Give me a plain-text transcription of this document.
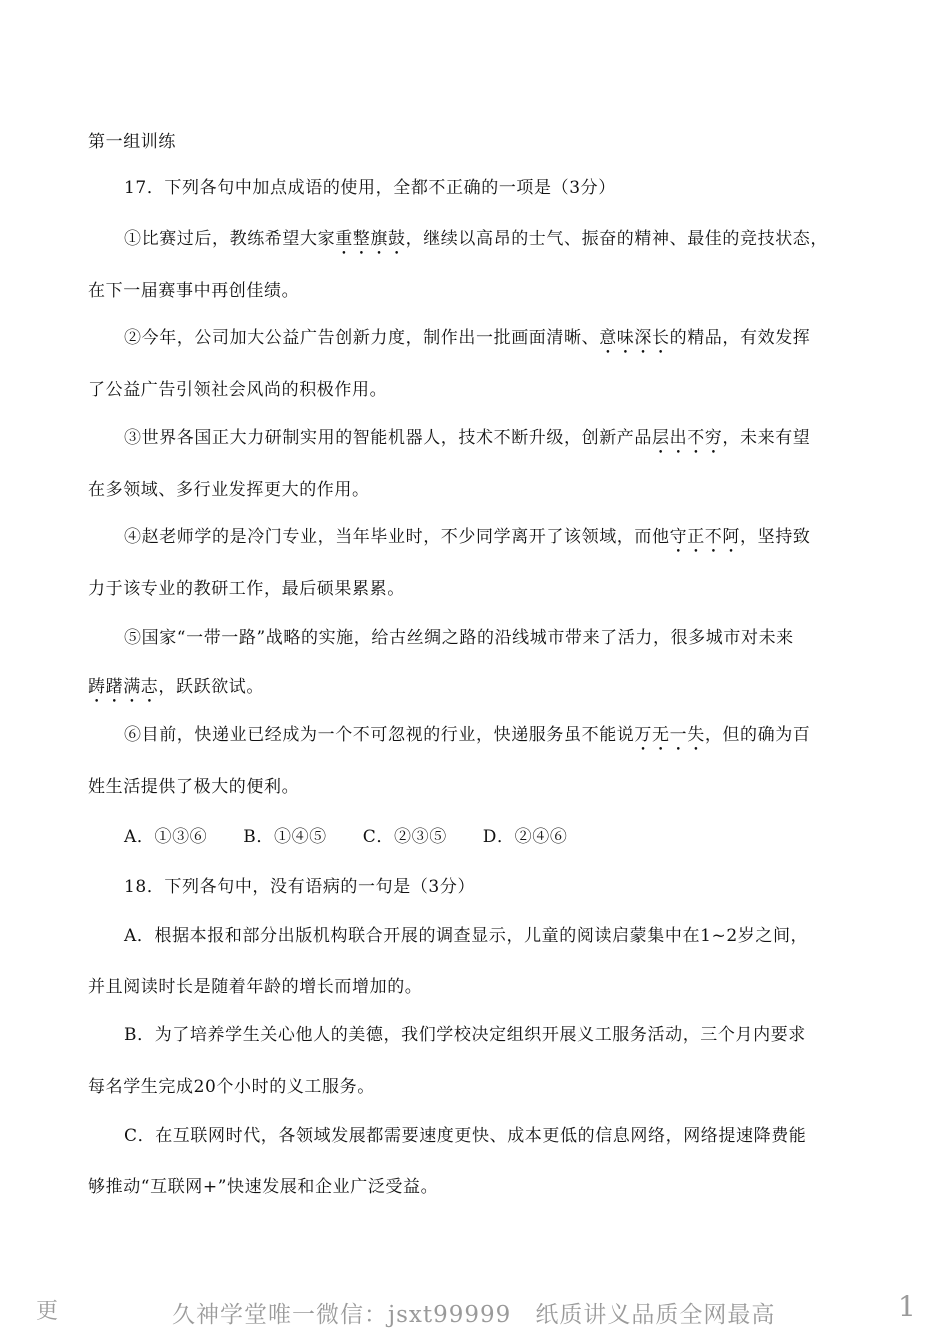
第一组训练
17．下列各句中加点成语的使用，全都不正确的一项是（3分）
①比赛过后，教练希望大家重整旗鼓，继续以高昂的士气、振奋的精神、最佳的竞技状态，
在下一届赛事中再创佳绩。
②今年，公司加大公益广告创新力度，制作出一批画面清晰、意味深长的精品，有效发挥
了公益广告引领社会风尚的积极作用。
③世界各国正大力研制实用的智能机器人，技术不断升级，创新产品层出不穷，未来有望
在多领域、多行业发挥更大的作用。
④赵老师学的是冷门专业，当年毕业时，不少同学离开了该领域，而他守正不阿，坚持致
力于该专业的教研工作，最后硕果累累。
⑤国家“一带一路”战略的实施，给古丝绸之路的沿线城市带来了活力，很多城市对未来
踌躇满志，跃跃欲试。
⑥目前，快递业已经成为一个不可忽视的行业，快递服务虽不能说万无一失，但的确为百
姓生活提供了极大的便利。
A．①③⑥ B．①④⑤ C．②③⑤ D．②④⑥
18．下列各句中，没有语病的一句是（3分）
A．根据本报和部分出版机构联合开展的调查显示，儿童的阅读启蒙集中在1~2岁之间，
并且阅读时长是随着年龄的增长而增加的。
B．为了培养学生关心他人的美德，我们学校决定组织开展义工服务活动，三个月内要求
每名学生完成20个小时的义工服务。
C．在互联网时代，各领域发展都需要速度更快、成本更低的信息网络，网络提速降费能
够推动“互联网+”快速发展和企业广泛受益。
更	久神学堂唯一微信：jsxt99999　纸质讲义品质全网最高	1
